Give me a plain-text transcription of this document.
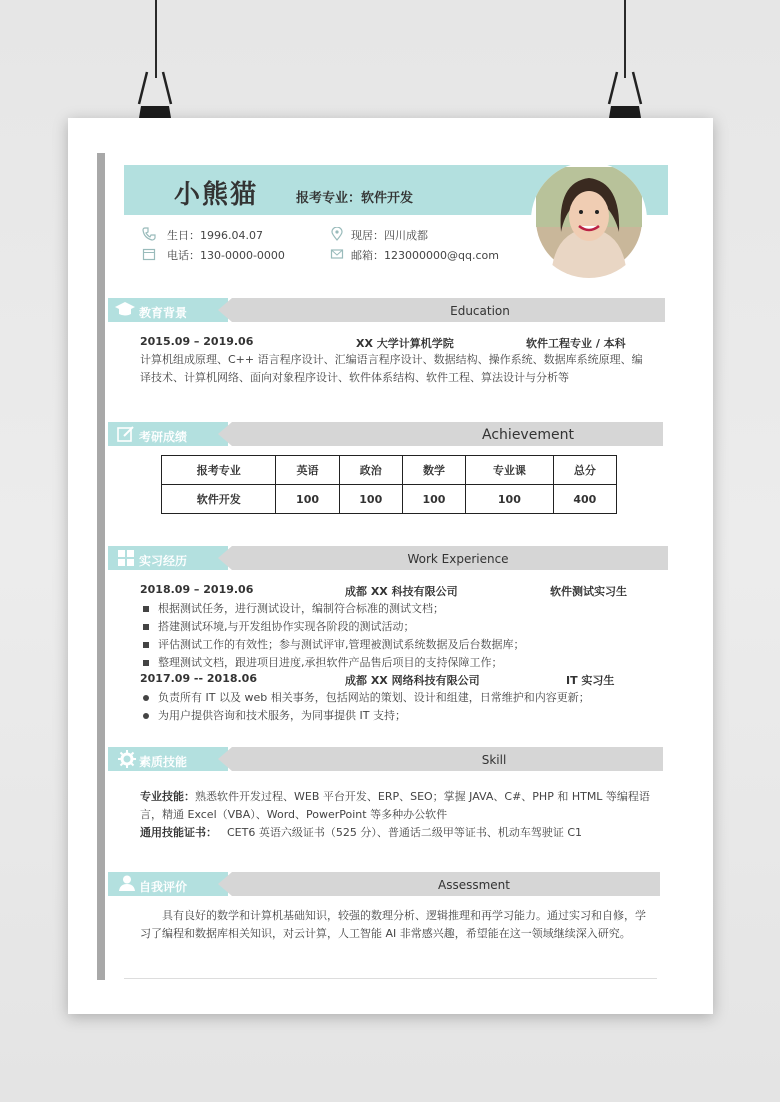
小熊猫	报考专业：软件开发
生日：1996.04.07
电话：130-0000-0000
现居：四川成都
邮箱：123000000@qq.com
教育背景	Education
2015.09 – 2019.06	XX 大学计算机学院	软件工程专业 / 本科
计算机组成原理、C++ 语言程序设计、汇编语言程序设计、数据结构、操作系统、数据库系统原理、编
译技术、计算机网络、面向对象程序设计、软件体系结构、软件工程、算法设计与分析等
考研成绩	Achievement
报考专业	英语	政治	数学	专业课	总分
软件开发	100	100	100	100	400
实习经历	Work Experience
2018.09 – 2019.06	成都 XX 科技有限公司	软件测试实习生
根据测试任务，进行测试设计，编制符合标准的测试文档；
搭建测试环境,与开发组协作实现各阶段的测试活动；
评估测试工作的有效性；参与测试评审,管理被测试系统数据及后台数据库；
整理测试文档，跟进项目进度,承担软件产品售后项目的支持保障工作；
2017.09 -- 2018.06	成都 XX 网络科技有限公司	IT 实习生
负责所有 IT 以及 web 相关事务，包括网站的策划、设计和组建，日常维护和内容更新；
为用户提供咨询和技术服务，为同事提供 IT 支持；
素质技能	Skill
专业技能：熟悉软件开发过程、WEB 平台开发、ERP、SEO；掌握 JAVA、C#、PHP 和 HTML 等编程语
言，精通 Excel（VBA）、Word、PowerPoint 等多种办公软件
通用技能证书： CET6 英语六级证书（525 分）、普通话二级甲等证书、机动车驾驶证 C1
自我评价	Assessment
具有良好的数学和计算机基础知识，较强的数理分析、逻辑推理和再学习能力。通过实习和自修，学
习了编程和数据库相关知识，对云计算，人工智能 AI 非常感兴趣，希望能在这一领域继续深入研究。
